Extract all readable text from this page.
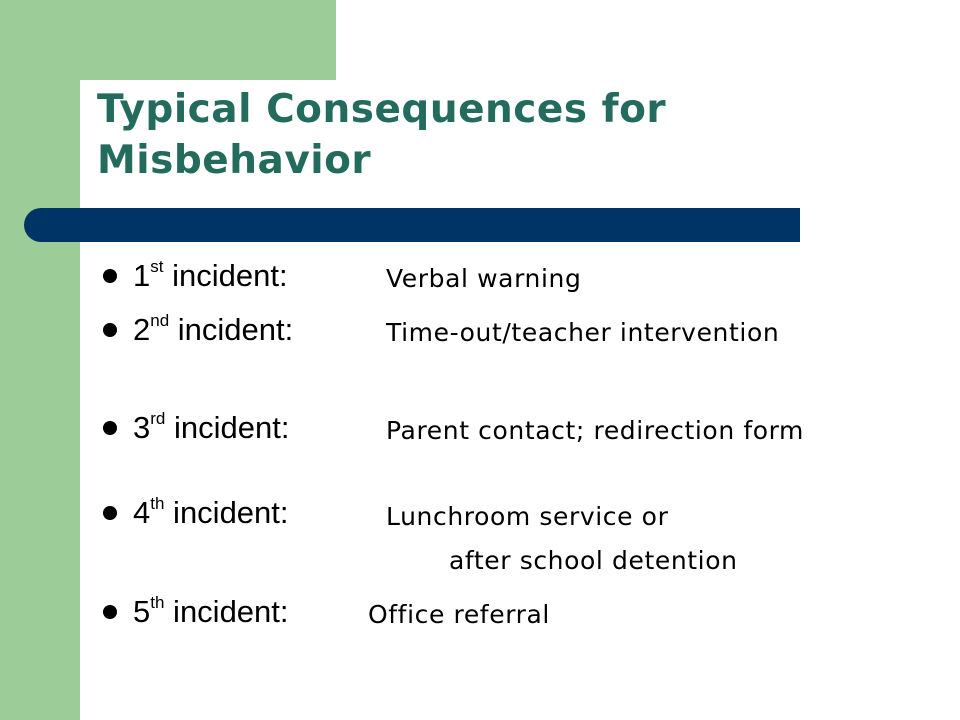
Typical Consequences for Misbehavior
1st incident:	Verbal warning
2nd incident:	Time-out/teacher intervention
3rd incident:	Parent contact; redirection form
4th incident:	Lunchroom service or
after school detention
5th incident:	Office referral
